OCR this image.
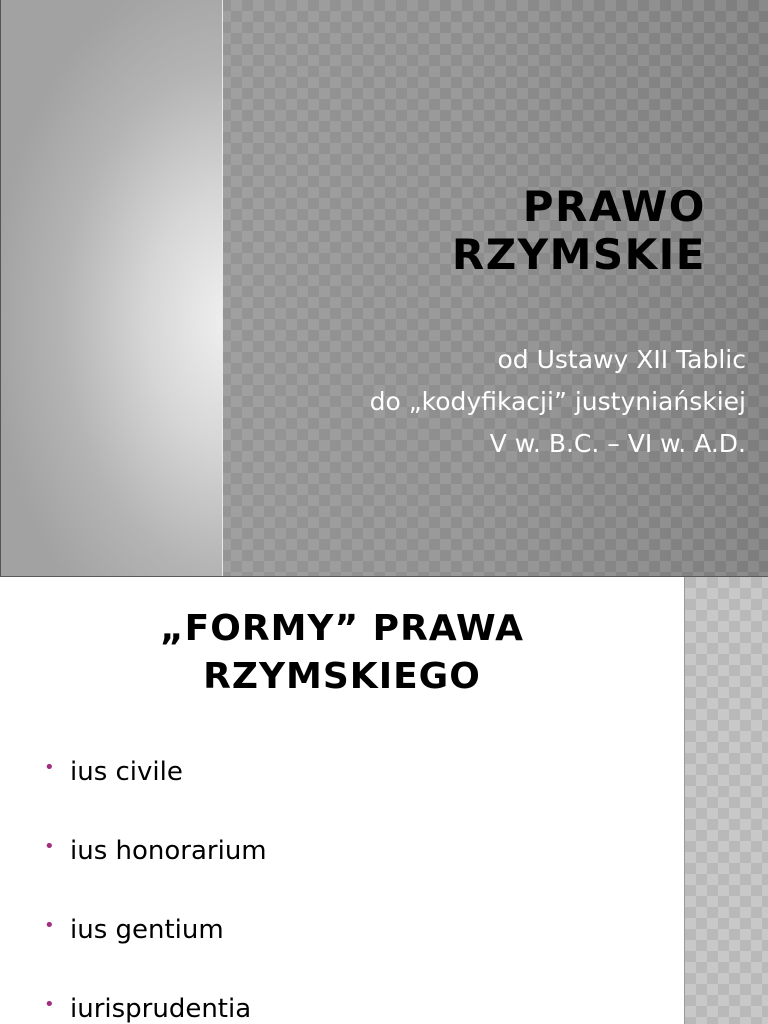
PRAWO
RZYMSKIE
od Ustawy XII Tablic
do „kodyfikacji” justyniańskiej
V w. B.C. – VI w. A.D.
„FORMY” PRAWA
RZYMSKIEGO
• ius civile
• ius honorarium
• ius gentium
• iurisprudentia
